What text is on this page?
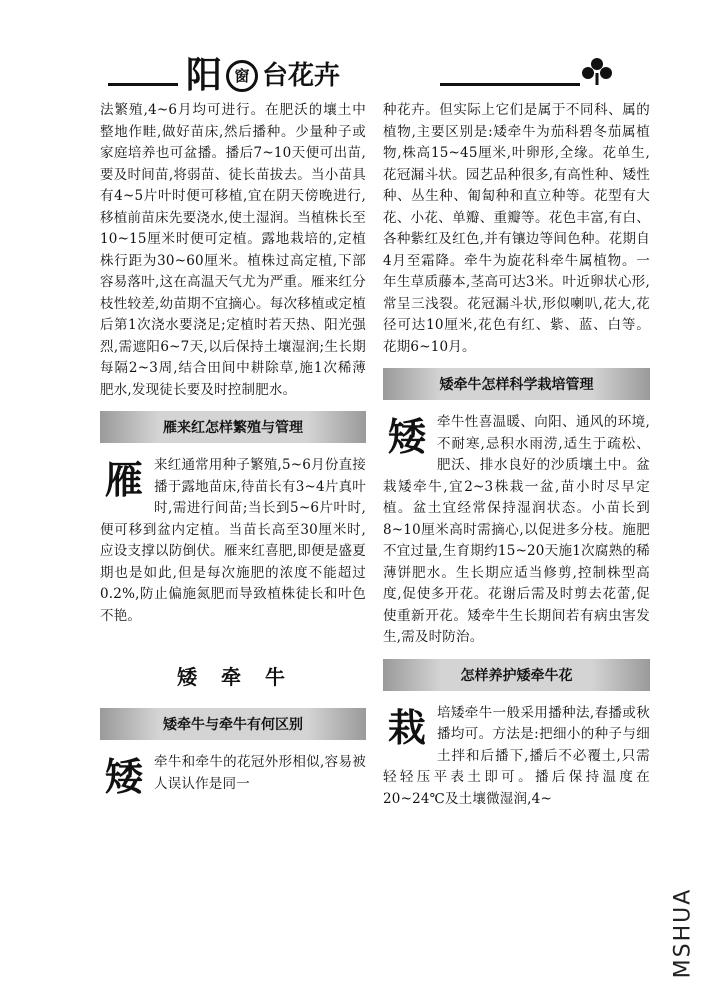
阳 窗 台花卉

法繁殖,4~6月均可进行。在肥沃的壤土中整地作畦,做好苗床,然后播种。少量种子或家庭培养也可盆播。播后7~10天便可出苗,要及时间苗,将弱苗、徒长苗拔去。当小苗具有4~5片叶时便可移植,宜在阴天傍晚进行,移植前苗床先要浇水,使土湿润。当植株长至10~15厘米时便可定植。露地栽培的,定植株行距为30~60厘米。植株过高定植,下部容易落叶,这在高温天气尤为严重。雁来红分枝性较差,幼苗期不宜摘心。每次移植或定植后第1次浇水要浇足;定植时若天热、阳光强烈,需遮阳6~7天,以后保持土壤湿润;生长期每隔2~3周,结合田间中耕除草,施1次稀薄肥水,发现徒长要及时控制肥水。

雁来红怎样繁殖与管理

雁来红通常用种子繁殖,5~6月份直接播于露地苗床,待苗长有3~4片真叶时,需进行间苗;当长到5~6片叶时,便可移到盆内定植。当苗长高至30厘米时,应设支撑以防倒伏。雁来红喜肥,即便是盛夏期也是如此,但是每次施肥的浓度不能超过0.2%,防止偏施氮肥而导致植株徒长和叶色不艳。

矮牵牛
矮牵牛与牵牛有何区别

矮牵牛和牵牛的花冠外形相似,容易被人误认作是同一

种花卉。但实际上它们是属于不同科、属的植物,主要区别是:矮牵牛为茄科碧冬茄属植物,株高15~45厘米,叶卵形,全缘。花单生,花冠漏斗状。园艺品种很多,有高性种、矮性种、丛生种、匍匐种和直立种等。花型有大花、小花、单瓣、重瓣等。花色丰富,有白、各种紫红及红色,并有镶边等间色种。花期自4月至霜降。牵牛为旋花科牵牛属植物。一年生草质藤本,茎高可达3米。叶近卵状心形,常呈三浅裂。花冠漏斗状,形似喇叭,花大,花径可达10厘米,花色有红、紫、蓝、白等。花期6~10月。

矮牵牛怎样科学栽培管理

矮牵牛性喜温暖、向阳、通风的环境,不耐寒,忌积水雨涝,适生于疏松、肥沃、排水良好的沙质壤土中。盆栽矮牵牛,宜2~3株栽一盆,苗小时尽早定植。盆土宜经常保持湿润状态。小苗长到8~10厘米高时需摘心,以促进多分枝。施肥不宜过量,生育期约15~20天施1次腐熟的稀薄饼肥水。生长期应适当修剪,控制株型高度,促使多开花。花谢后需及时剪去花蕾,促使重新开花。矮牵牛生长期间若有病虫害发生,需及时防治。

怎样养护矮牵牛花

栽培矮牵牛一般采用播种法,春播或秋播均可。方法是:把细小的种子与细土拌和后播下,播后不必覆土,只需轻轻压平表土即可。播后保持温度在20~24℃及土壤微湿润,4~

MSHUA
